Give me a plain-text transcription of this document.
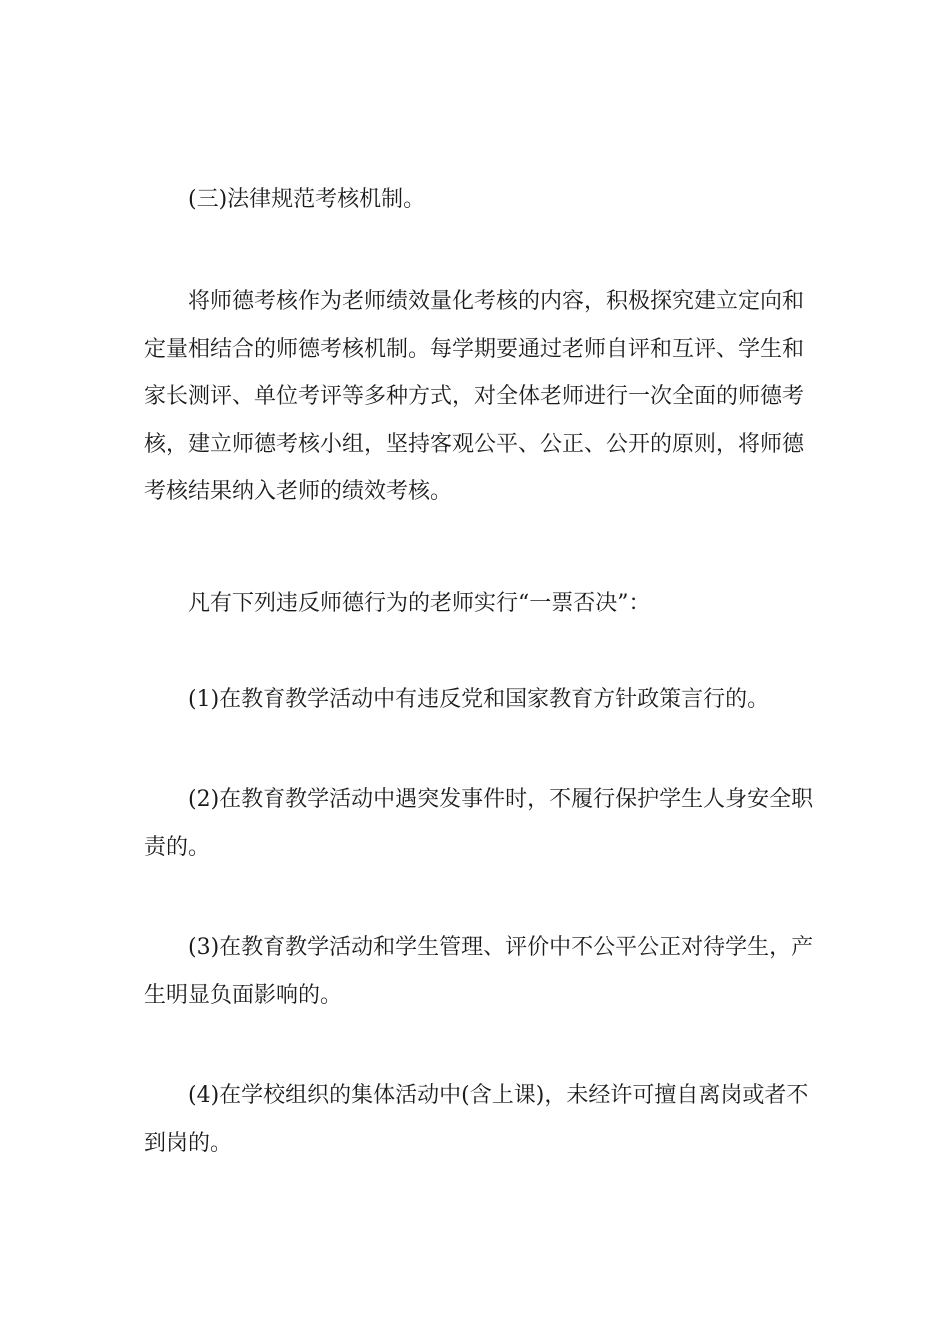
(三)法律规范考核机制。

将师德考核作为老师绩效量化考核的内容，积极探究建立定向和定量相结合的师德考核机制。每学期要通过老师自评和互评、学生和家长测评、单位考评等多种方式，对全体老师进行一次全面的师德考核，建立师德考核小组，坚持客观公平、公正、公开的原则，将师德考核结果纳入老师的绩效考核。

凡有下列违反师德行为的老师实行“一票否决”：

(1)在教育教学活动中有违反党和国家教育方针政策言行的。

(2)在教育教学活动中遇突发事件时，不履行保护学生人身安全职责的。

(3)在教育教学活动和学生管理、评价中不公平公正对待学生，产生明显负面影响的。

(4)在学校组织的集体活动中(含上课)，未经许可擅自离岗或者不到岗的。
